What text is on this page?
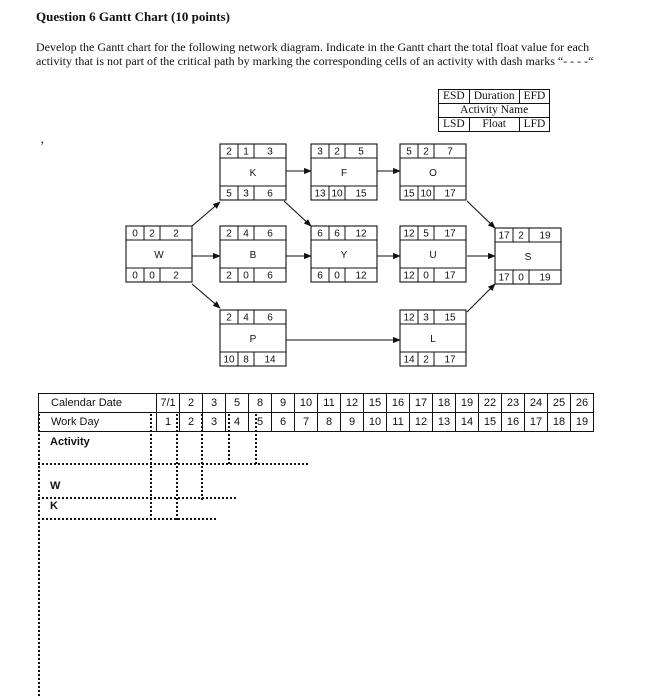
Question 6 Gantt Chart (10 points)
Develop the Gantt chart for the following network diagram. Indicate in the Gantt chart the total float value for each activity that is not part of the critical path by marking the corresponding cells of an activity with dash marks “- - - -“
ESD	Duration	EFD
Activity Name		
LSD	Float	LFD
’
0
0
2
0
2
2
W
2
5
1
3
3
6
K
2
2
4
0
6
6
B
2
10
4
8
6
14
P
3
13
2
10
5
15
F
6
6
6
0
12
12
Y
5
15
2
10
7
17
O
12
12
5
0
17
17
U
12
14
3
2
15
17
L
17
17
2
0
19
19
S
Calendar Date	7/1	2	3	5	8	9	10	11	12	15	16	17	18	19	22	23	24	25	26
Work Day	1	2	3	4	5	6	7	8	9	10	11	12	13	14	15	16	17	18	19
Activity
W
K
